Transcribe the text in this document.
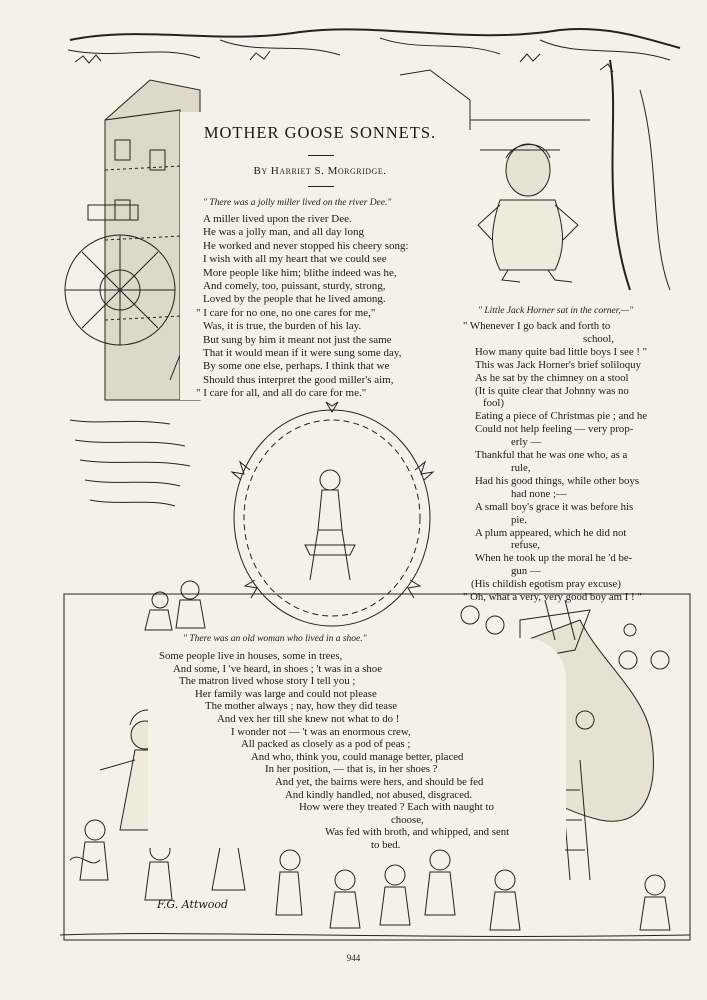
MOTHER GOOSE SONNETS.
By Harriet S. Morgridge.
" There was a jolly miller lived on the river Dee."
A miller lived upon the river Dee.
He was a jolly man, and all day long
He worked and never stopped his cheery song:
I wish with all my heart that we could see
More people like him; blithe indeed was he,
And comely, too, puissant, sturdy, strong,
Loved by the people that he lived among.
" I care for no one, no one cares for me,"
Was, it is true, the burden of his lay.
But sung by him it meant not just the same
That it would mean if it were sung some day,
By some one else, perhaps. I think that we
Should thus interpret the good miller's aim,
" I care for all, and all do care for me."
" Little Jack Horner sat in the corner,—"
" Whenever I go back and forth to
school,
How many quite bad little boys I see ! "
This was Jack Horner's brief soliloquy
As he sat by the chimney on a stool
(It is quite clear that Johnny was no
fool)
Eating a piece of Christmas pie ; and he
Could not help feeling — very prop-
erly —
Thankful that he was one who, as a
rule,
Had his good things, while other boys
had none ;—
A small boy's grace it was before his
pie.
A plum appeared, which he did not
refuse,
When he took up the moral he 'd be-
gun —
(His childish egotism pray excuse)
" Oh, what a very, very good boy am I ! "
" There was an old woman who lived in a shoe."
Some people live in houses, some in trees,
And some, I 've heard, in shoes ; 't was in a shoe
The matron lived whose story I tell you ;
Her family was large and could not please
The mother always ; nay, how they did tease
And vex her till she knew not what to do !
I wonder not — 't was an enormous crew,
All packed as closely as a pod of peas ;
And who, think you, could manage better, placed
In her position, — that is, in her shoes ?
And yet, the bairns were hers, and should be fed
And kindly handled, not abused, disgraced.
How were they treated ? Each with naught to
choose,
Was fed with broth, and whipped, and sent
to bed.
F.G. Attwood
944
